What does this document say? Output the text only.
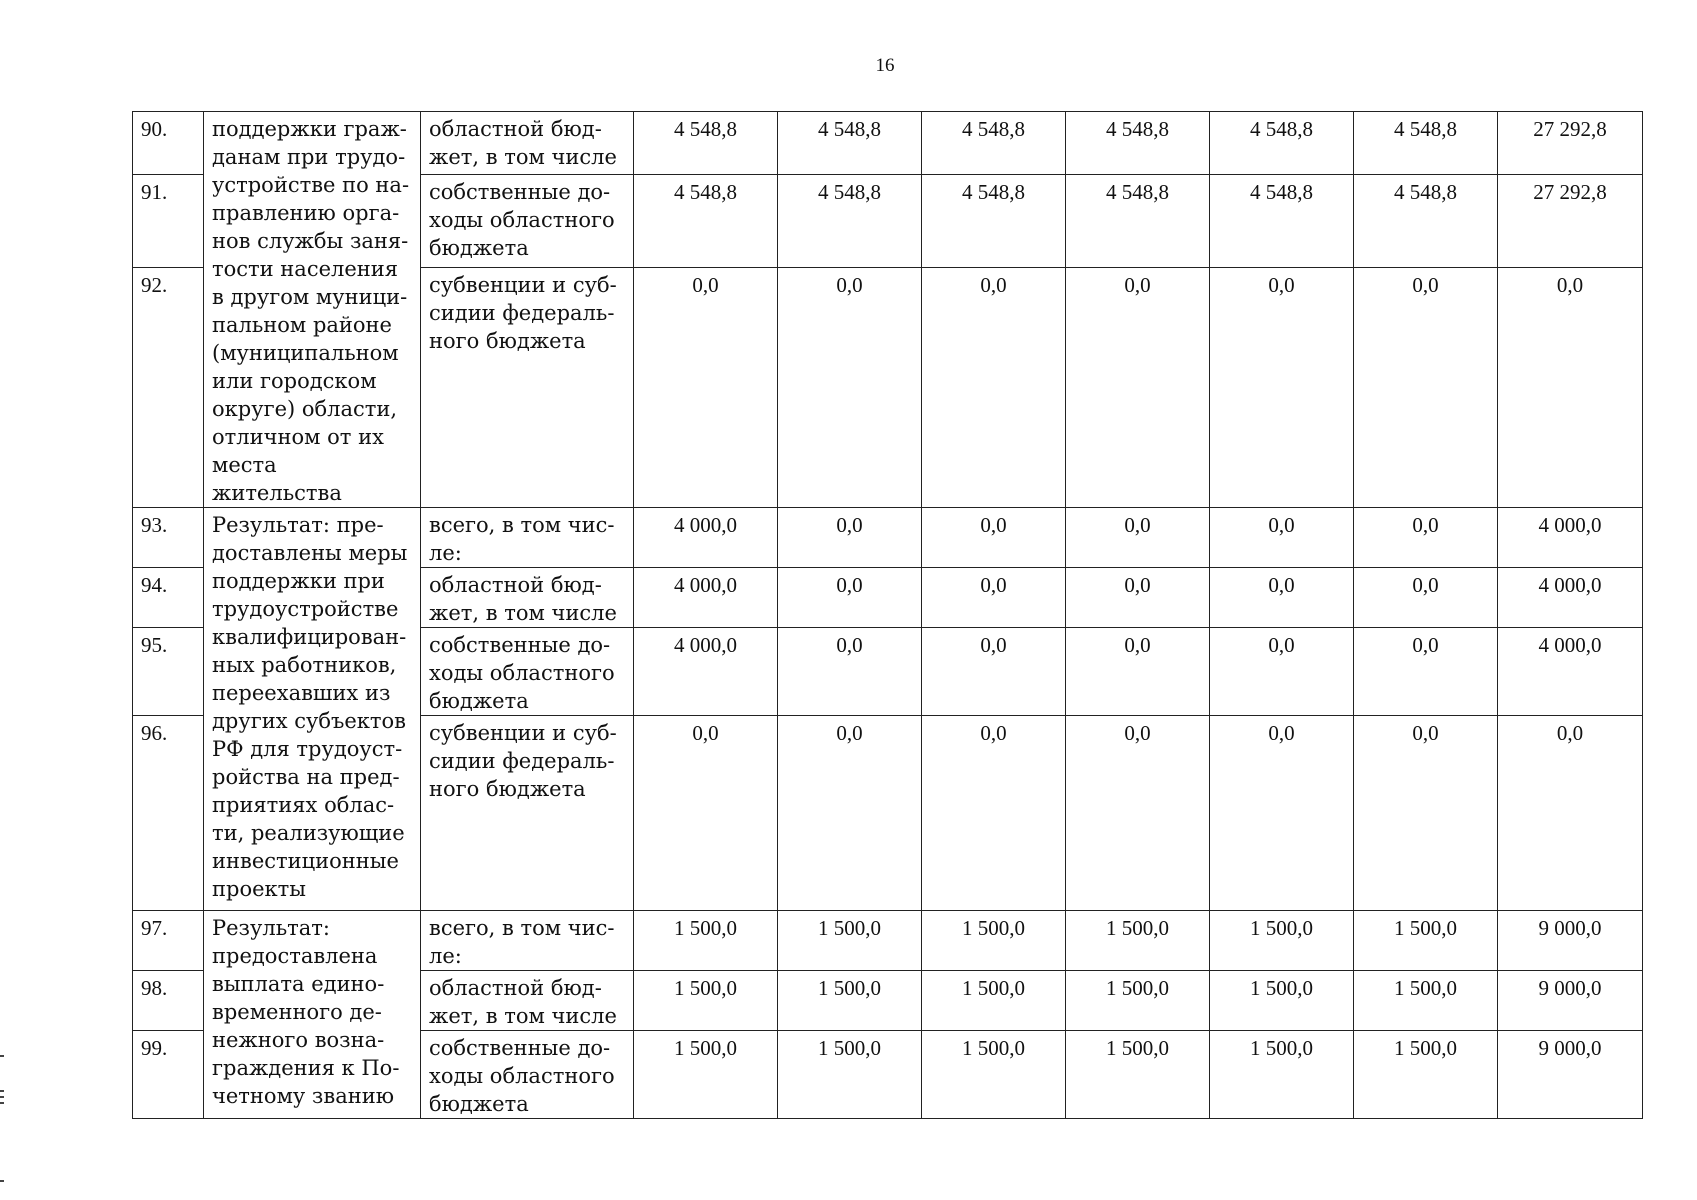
16
90.	поддержки граж-данам при трудо-устройстве по на-правлению орга-нов службы заня-тости населения в другом муници-пальном районе (муниципальном или городском округе) области, отличном от их места жительства	областной бюд-жет, в том числе	4 548,8	4 548,8	4 548,8	4 548,8	4 548,8	4 548,8	27 292,8
91.		собственные до-ходы областного бюджета	4 548,8	4 548,8	4 548,8	4 548,8	4 548,8	4 548,8	27 292,8
92.		субвенции и суб-сидии федераль-ного бюджета	0,0	0,0	0,0	0,0	0,0	0,0	0,0
93.	Результат: пре-доставлены меры поддержки при трудоустройстве квалифицирован-ных работников, переехавших из других субъектов РФ для трудоуст-ройства на пред-приятиях облас-ти, реализующие инвестиционные проекты	всего, в том чис-ле:	4 000,0	0,0	0,0	0,0	0,0	0,0	4 000,0
94.		областной бюд-жет, в том числе	4 000,0	0,0	0,0	0,0	0,0	0,0	4 000,0
95.		собственные до-ходы областного бюджета	4 000,0	0,0	0,0	0,0	0,0	0,0	4 000,0
96.		субвенции и суб-сидии федераль-ного бюджета	0,0	0,0	0,0	0,0	0,0	0,0	0,0
97.	Результат: предоставлена выплата едино-временного де-нежного возна-граждения к По-четному званию	всего, в том чис-ле:	1 500,0	1 500,0	1 500,0	1 500,0	1 500,0	1 500,0	9 000,0
98.		областной бюд-жет, в том числе	1 500,0	1 500,0	1 500,0	1 500,0	1 500,0	1 500,0	9 000,0
99.		собственные до-ходы областного бюджета	1 500,0	1 500,0	1 500,0	1 500,0	1 500,0	1 500,0	9 000,0
